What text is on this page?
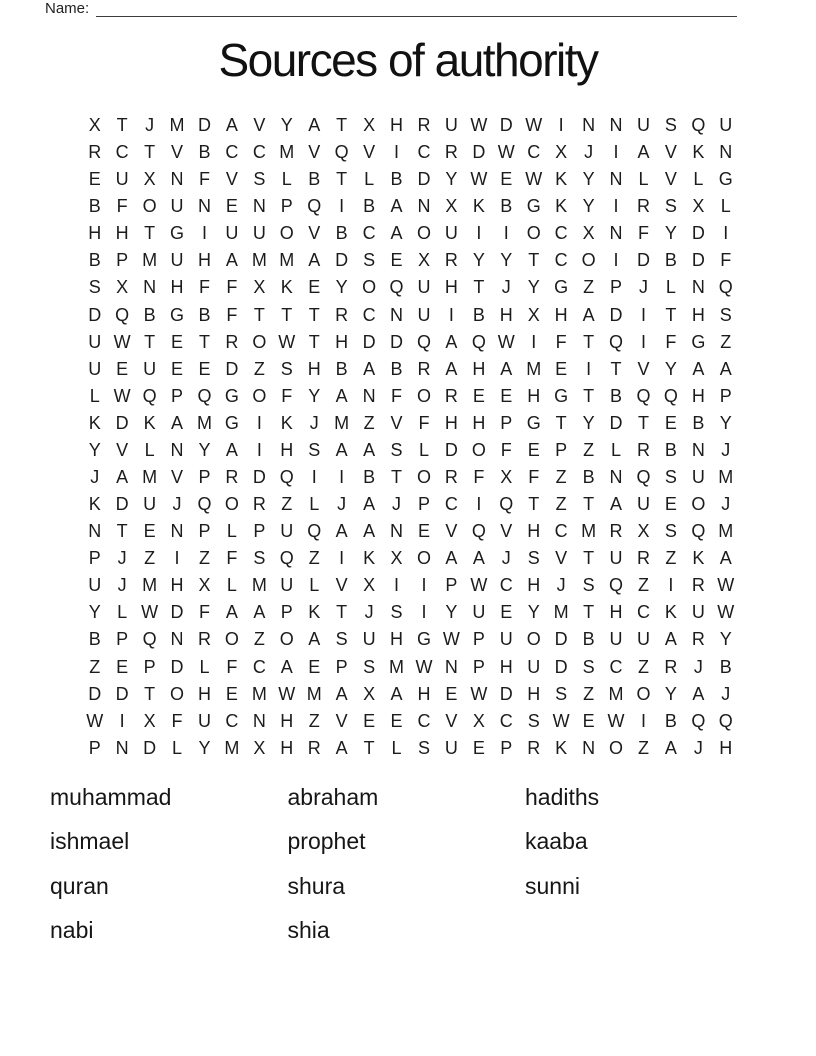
Name:
Sources of authority
X T J M D A V Y A T X H R U W D W I	N N U S Q U
R C T V B C C M V Q V	I	C R D W C X J	I	A V K N
E U X N F V S L B T L B D Y W E W K Y N L V L G
B F O U N E N P Q I	B A N X K B G K Y	I	R S X L
H H T G I	U U O V B C A O U	I	I O C X N F Y D	I
B P M U H A M M A D S E X R Y Y T C O I	D B D F
S X N H F F X K E Y O Q U H T J Y G Z P J L N Q
D Q B G B F T T T R C N U	I	B H X H A D	I	T H S
U W T E T R O W T H D D Q A Q W I	F T Q I	F G Z
U E U E E D Z S H B A B R A H A M E	I	T V Y A A
L W Q P Q G O F Y A N F O R E E H G T B Q Q H P
K D K A M G I	K J M Z V F H H P G T Y D T E B Y
Y V L N Y A	I	H S A A S L D O F E P Z L R B N J
J A M V P R D Q I	I	B T O R F X F Z B N Q S U M
K D U J Q O R Z L J A J P C	I Q T Z T A U E O J
N T E N P L P U Q A A N E V Q V H C M R X S Q M
P J Z	I	Z F S Q Z	I	K X O A A J S V T U R Z K A
U J M H X L M U L V X	I	I	P W C H J S Q Z	I	R W
Y L W D F A A P K T J S	I	Y U E Y M T H C K U W
B P Q N R O Z O A S U H G W P U O D B U U A R Y
Z E P D L F C A E P S M W N P H U D S C Z R J B
D D T O H E M W M A X A H E W D H S Z M O Y A J
W I	X F U C N H Z V E E C V X C S W E W I	B Q Q
P N D L Y M X H R A T L S U E P R K N O Z A J H
muhammad
ishmael
quran
nabi
abraham
prophet
shura
shia
hadiths
kaaba
sunni
